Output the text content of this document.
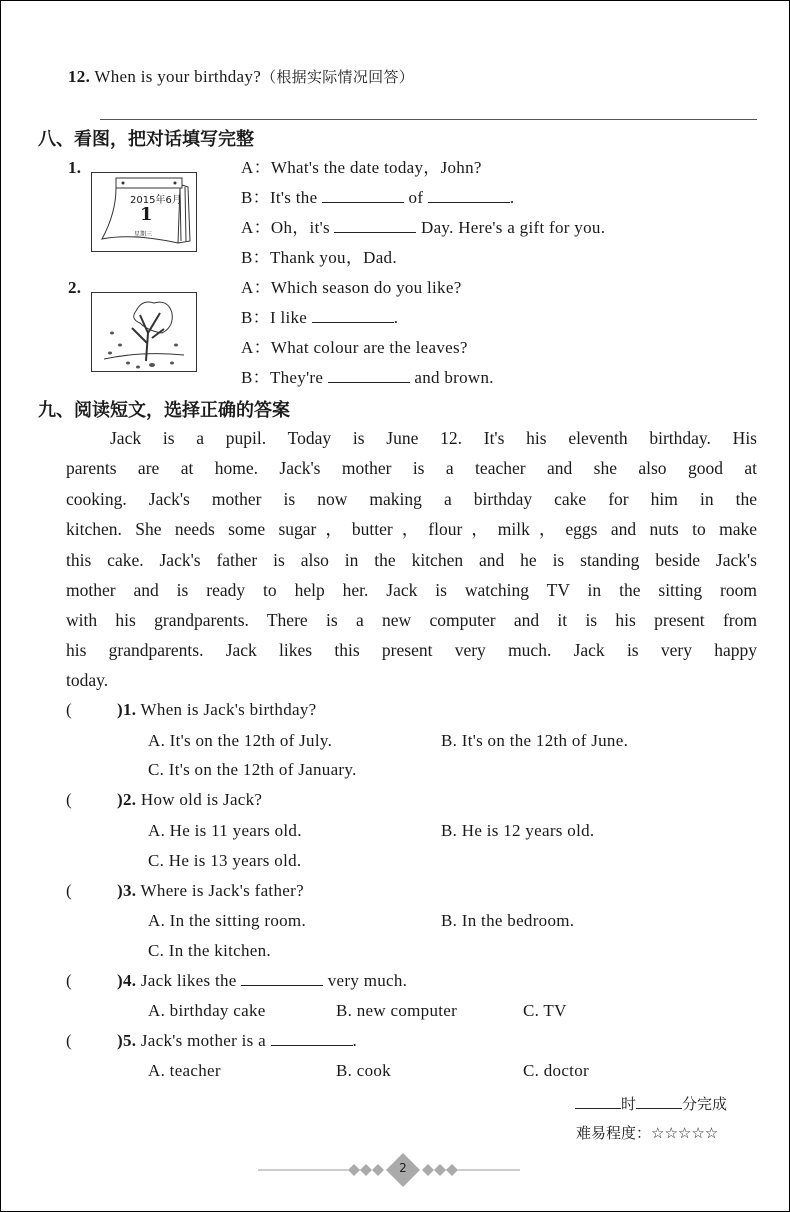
12. When is your birthday?（根据实际情况回答）
八、看图，把对话填写完整
1.
2015年6月
1
星期三
A：What's the date today，John?
B：It's the	of	.
A：Oh，it's	Day. Here's a gift for you.
B：Thank you，Dad.
2.	A：Which season do you like?
B：I like	.
A：What colour are the leaves?
B：They're	and brown.
九、阅读短文，选择正确的答案
Jack is a pupil. Today is June 12. It's his eleventh birthday. His
parents are at home. Jack's mother is a teacher and she also good at
cooking. Jack's mother is now making a birthday cake for him in the
kitchen. She needs some sugar，butter，flour，milk，eggs and nuts to make
this cake. Jack's father is also in the kitchen and he is standing beside Jack's
mother and is ready to help her. Jack is watching TV in the sitting room
with his grandparents. There is a new computer and it is his present from
his grandparents. Jack likes this present very much. Jack is very happy
today.
(	)1. When is Jack's birthday?
A. It's on the 12th of July.	B. It's on the 12th of June.
C. It's on the 12th of January.
(	)2. How old is Jack?
A. He is 11 years old.	B. He is 12 years old.
C. He is 13 years old.
(	)3. Where is Jack's father?
A. In the sitting room.	B. In the bedroom.
C. In the kitchen.
(	)4. Jack likes the	very much.
A. birthday cake	B. new computer	C. TV
(	)5. Jack's mother is a	.
A. teacher	B. cook	C. doctor
时	分完成
难易程度：☆☆☆☆☆
2
